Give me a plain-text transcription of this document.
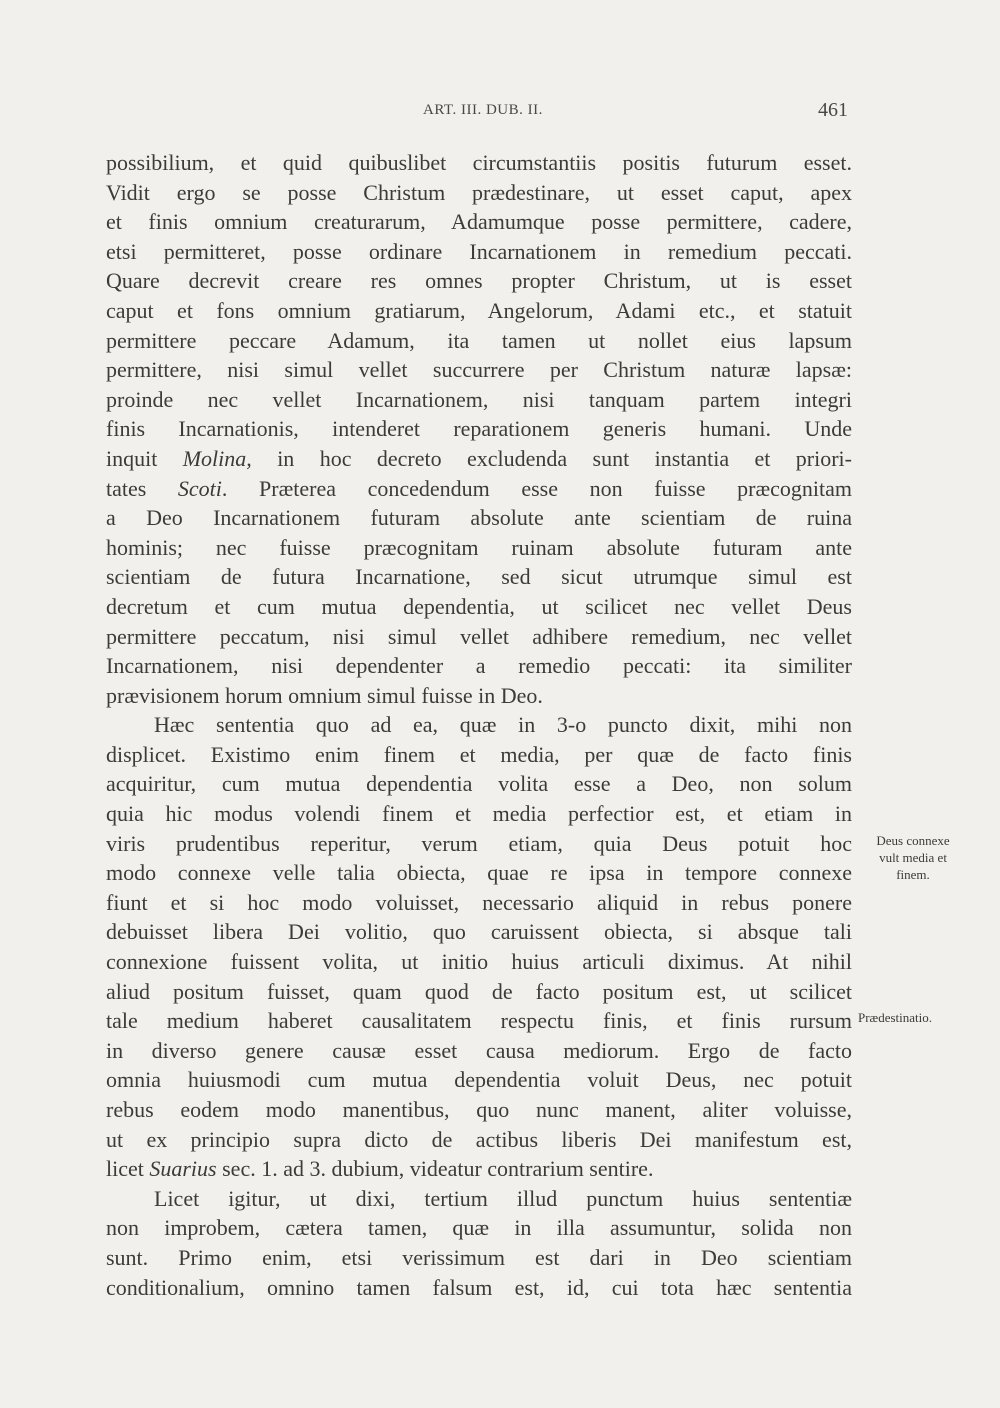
ART. III. DUB. II.	461

possibilium, et quid quibuslibet circumstantiis positis futurum esset.
Vidit ergo se posse Christum prædestinare, ut esset caput, apex
et finis omnium creaturarum, Adamumque posse permittere, cadere,
etsi permitteret, posse ordinare Incarnationem in remedium peccati.
Quare decrevit creare res omnes propter Christum, ut is esset
caput et fons omnium gratiarum, Angelorum, Adami etc., et statuit
permittere peccare Adamum, ita tamen ut nollet eius lapsum
permittere, nisi simul vellet succurrere per Christum naturæ lapsæ:
proinde nec vellet Incarnationem, nisi tanquam partem integri
finis Incarnationis, intenderet reparationem generis humani. Unde
inquit Molina, in hoc decreto excludenda sunt instantia et priori-
tates Scoti. Præterea concedendum esse non fuisse præcognitam
a Deo Incarnationem futuram absolute ante scientiam de ruina
hominis; nec fuisse præcognitam ruinam absolute futuram ante
scientiam de futura Incarnatione, sed sicut utrumque simul est
decretum et cum mutua dependentia, ut scilicet nec vellet Deus
permittere peccatum, nisi simul vellet adhibere remedium, nec vellet
Incarnationem, nisi dependenter a remedio peccati: ita similiter
prævisionem horum omnium simul fuisse in Deo.

Hæc sententia quo ad ea, quæ in 3-o puncto dixit, mihi non
displicet. Existimo enim finem et media, per quæ de facto finis
acquiritur, cum mutua dependentia volita esse a Deo, non solum
quia hic modus volendi finem et media perfectior est, et etiam in
viris prudentibus reperitur, verum etiam, quia Deus potuit hoc
modo connexe velle talia obiecta, quae re ipsa in tempore connexe
fiunt et si hoc modo voluisset, necessario aliquid in rebus ponere
debuisset libera Dei volitio, quo caruissent obiecta, si absque tali
connexione fuissent volita, ut initio huius articuli diximus. At nihil
aliud positum fuisset, quam quod de facto positum est, ut scilicet
tale medium haberet causalitatem respectu finis, et finis rursum
in diverso genere causæ esset causa mediorum. Ergo de facto
omnia huiusmodi cum mutua dependentia voluit Deus, nec potuit
rebus eodem modo manentibus, quo nunc manent, aliter voluisse,
ut ex principio supra dicto de actibus liberis Dei manifestum est,
licet Suarius sec. 1. ad 3. dubium, videatur contrarium sentire.

Licet igitur, ut dixi, tertium illud punctum huius sententiæ
non improbem, cætera tamen, quæ in illa assumuntur, solida non
sunt. Primo enim, etsi verissimum est dari in Deo scientiam
conditionalium, omnino tamen falsum est, id, cui tota hæc sententia

Deus connexe
vult media et
finem.
Prædestinatio.
